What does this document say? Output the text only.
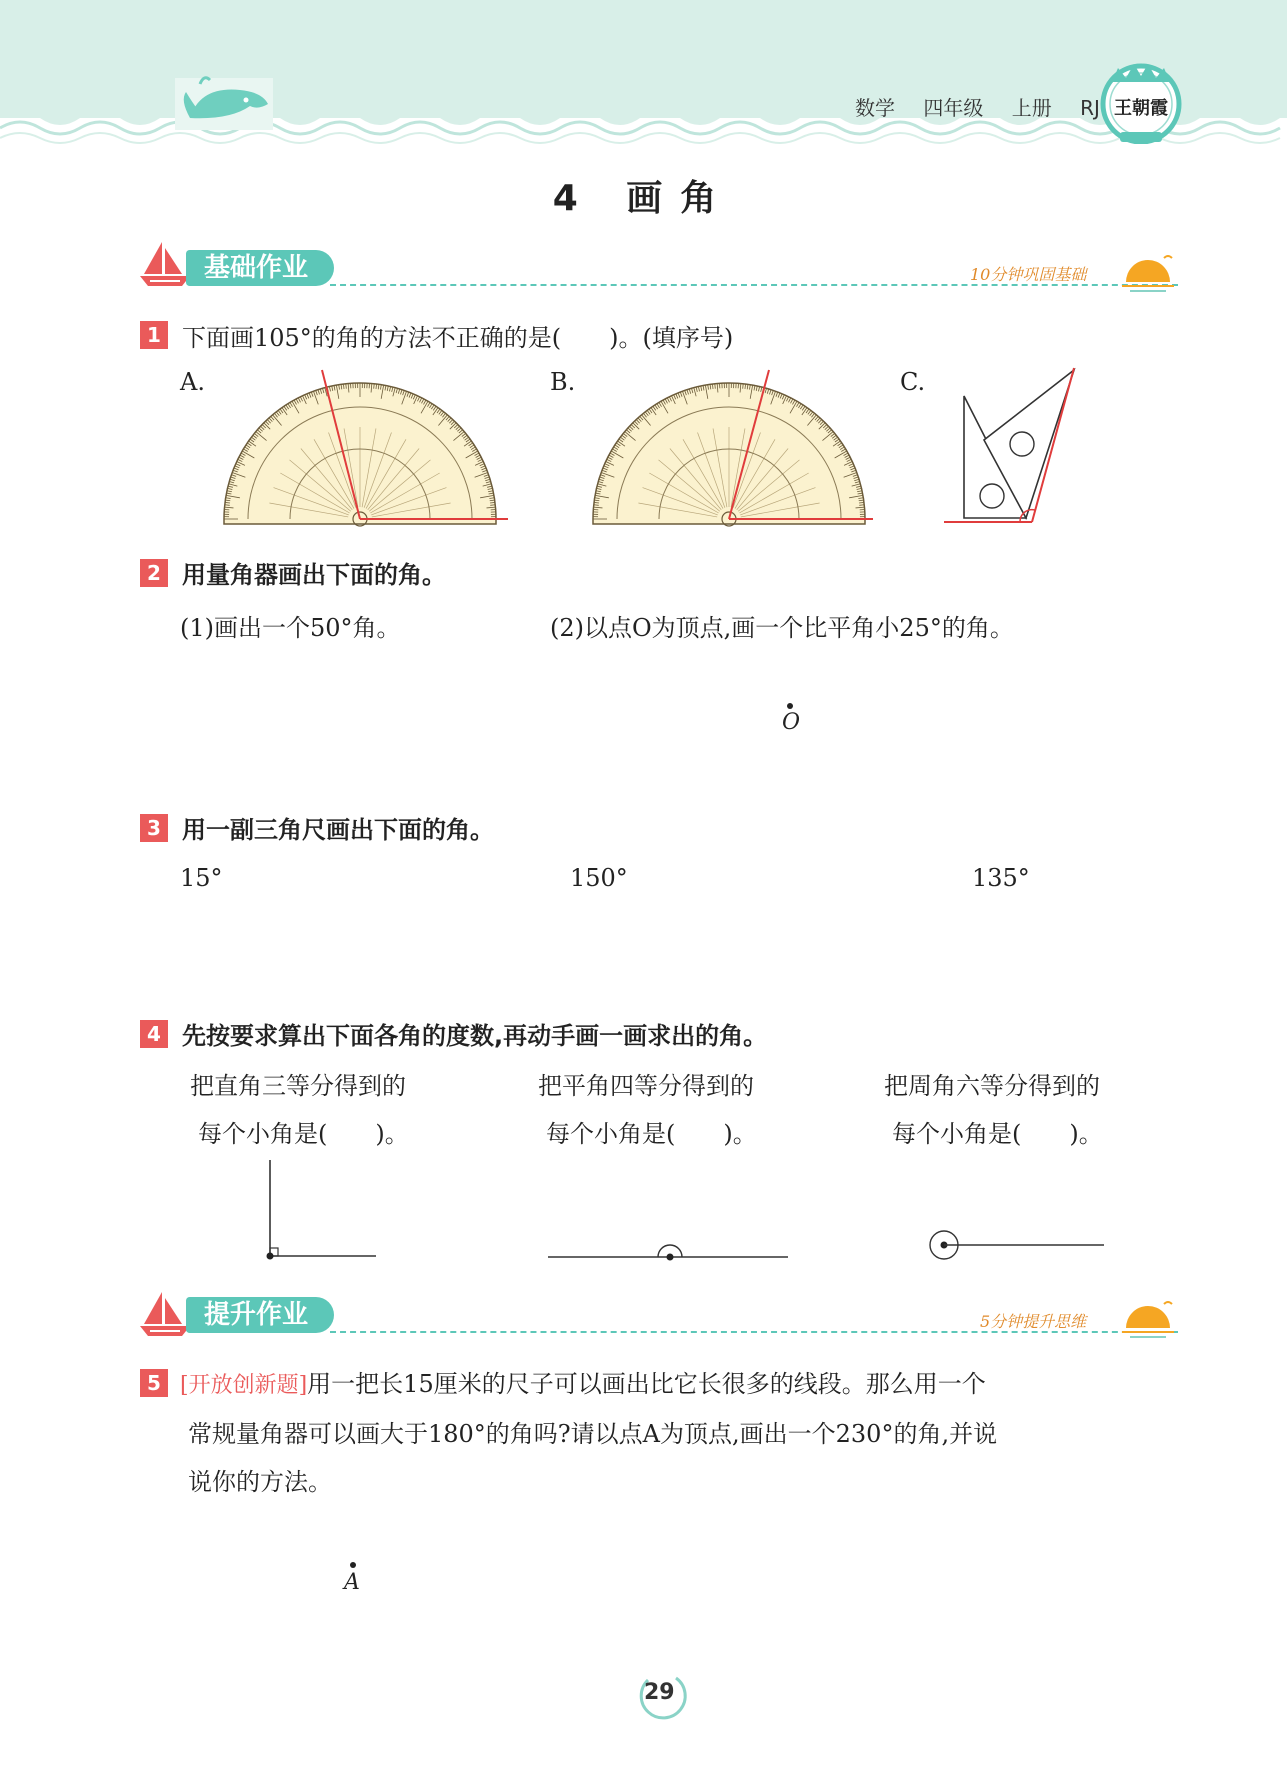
数学 四年级 上册 RJ 王朝霞
4 画角
基础作业	10分钟巩固基础
1 下面画105°的角的方法不正确的是(　　)。(填序号)
A.	B.	C.
2 用量角器画出下面的角。
(1)画出一个50°角。	(2)以点O为顶点,画一个比平角小25°的角。
O
3 用一副三角尺画出下面的角。
15°	150°	135°
4 先按要求算出下面各角的度数,再动手画一画求出的角。
把直角三等分得到的
每个小角是(　　)。
把平角四等分得到的
每个小角是(　　)。
把周角六等分得到的
每个小角是(　　)。
提升作业	5分钟提升思维
5 [开放创新题]用一把长15厘米的尺子可以画出比它长很多的线段。那么用一个
常规量角器可以画大于180°的角吗?请以点A为顶点,画出一个230°的角,并说
说你的方法。
A
29
